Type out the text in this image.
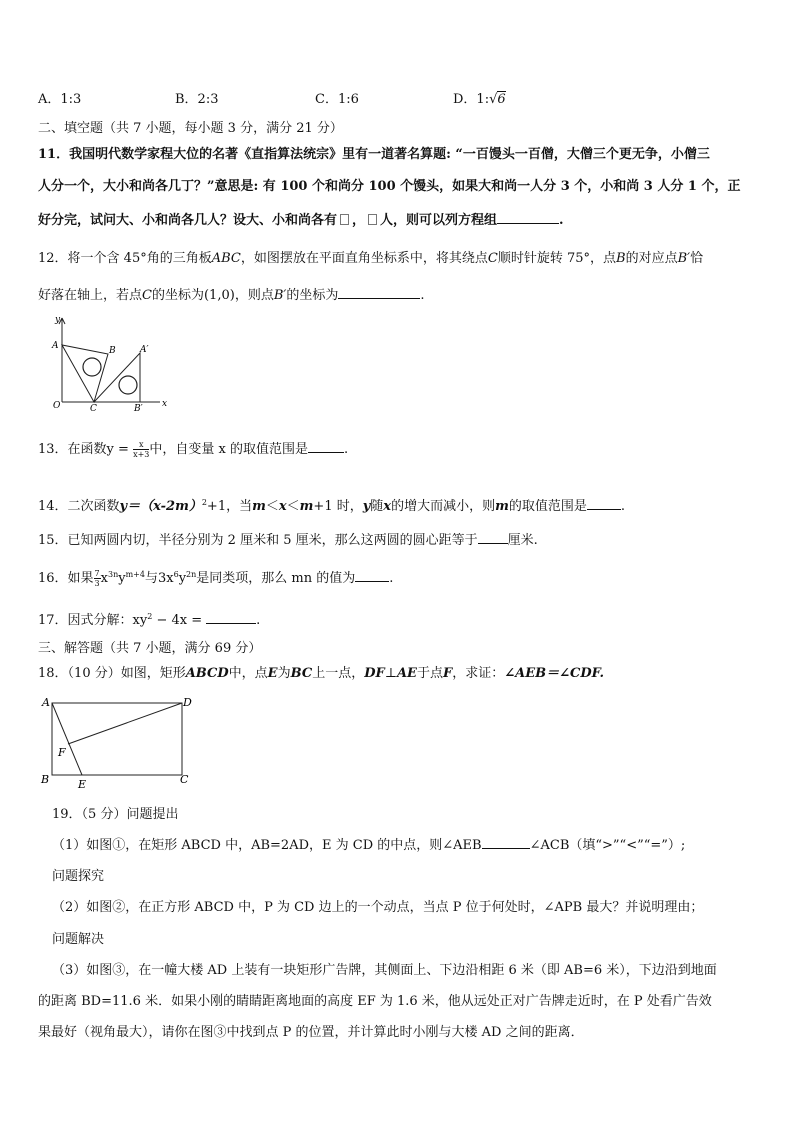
A．1:3	B．2:3	C．1:6	D．1:√6
二、填空题（共 7 小题，每小题 3 分，满分 21 分）
11．我国明代数学家程大位的名著《直指算法统宗》里有一道著名算题: “一百馒头一百僧，大僧三个更无争，小僧三
人分一个，大小和尚各几丁？”意思是: 有 100 个和尚分 100 个馒头，如果大和尚一人分 3 个，小和尚 3 人分 1 个，正
好分完，试问大、小和尚各几人？设大、小和尚各有 ， 人，则可以列方程组	.
12．将一个含 45°角的三角板ABC，如图摆放在平面直角坐标系中，将其绕点C顺时针旋转 75°，点B的对应点B′恰
好落在轴上，若点C的坐标为(1,0)，则点B′的坐标为	.
y
x
O	C
A	B	A′
B′
13．在函数$y = \frac{x}{x+3}$ 中，自变量 x 的取值范围是	.
14．二次函数$y=(x-2m)^2+1$，当m＜x＜m+1 时，y随x的增大而减小，则m的取值范围是	.
15．已知两圆内切，半径分别为 2 厘米和 5 厘米，那么这两圆的圆心距等于 厘米.
16．如果 $\frac{7}{3} x^{3n}y^{m+4}$与$3x^6y^{2n}$是同类项，那么 mn 的值为	.
17．因式分解：$xy^2 - 4x$ =	.
三、解答题（共 7 小题，满分 69 分）
18．（10 分）如图，矩形ABCD中，点E为BC上一点，DF⊥AE于点F，求证：∠AEB＝∠CDF.
A	D
F
B	E	C
19．（5 分）问题提出
（1）如图①，在矩形 ABCD 中，AB=2AD，E 为 CD 的中点，则∠AEB	∠ACB（填“>”“<”“=”）;
问题探究
（2）如图②，在正方形 ABCD 中，P 为 CD 边上的一个动点，当点 P 位于何处时，∠APB 最大？并说明理由；
问题解决
（3）如图③，在一幢大楼 AD 上装有一块矩形广告牌，其侧面上、下边沿相距 6 米（即 AB=6 米），下边沿到地面
的距离 BD=11.6 米．如果小刚的睛睛距离地面的高度 EF 为 1.6 米，他从远处正对广告牌走近时，在 P 处看广告效
果最好（视角最大），请你在图③中找到点 P 的位置，并计算此时小刚与大楼 AD 之间的距离．
